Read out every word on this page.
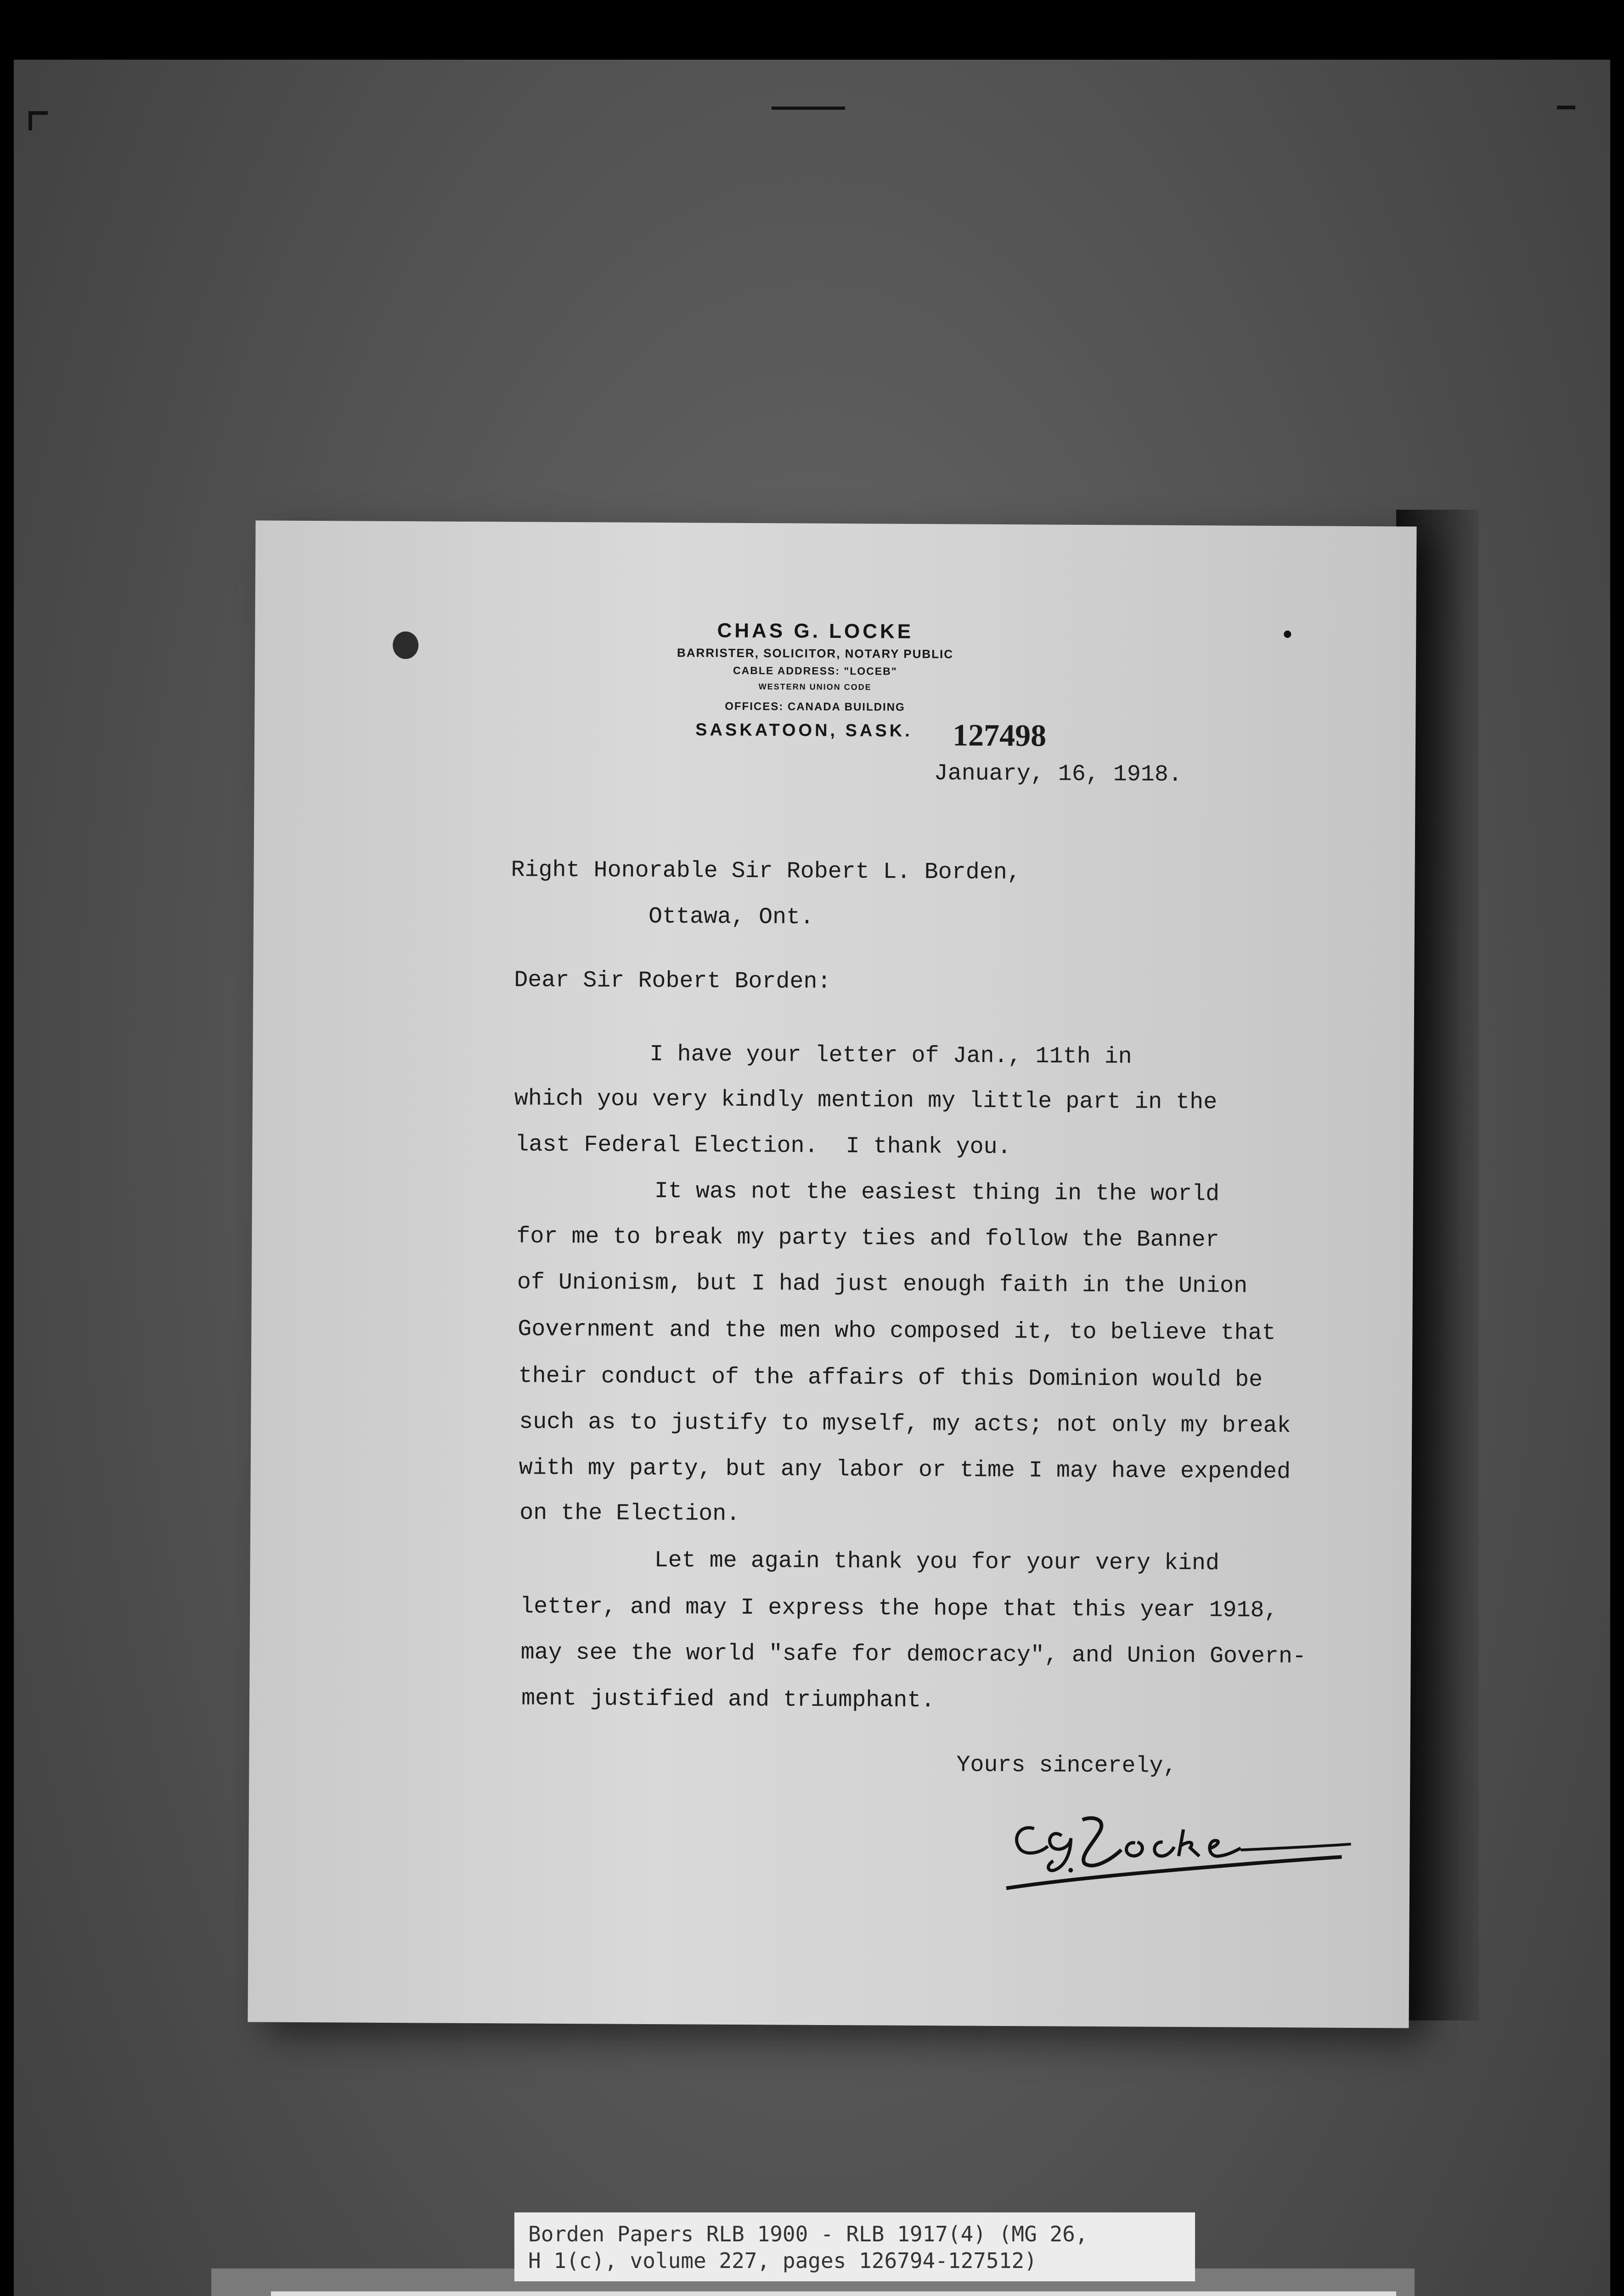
CHAS G. LOCKE
BARRISTER, SOLICITOR, NOTARY PUBLIC
CABLE ADDRESS: "LOCEB"
WESTERN UNION CODE
OFFICES: CANADA BUILDING
SASKATOON, SASK. 127498
January, 16, 1918.
Right Honorable Sir Robert L. Borden,
Ottawa, Ont.
Dear Sir Robert Borden:
I have your letter of Jan., 11th in
which you very kindly mention my little part in the
last Federal Election.  I thank you.
It was not the easiest thing in the world
for me to break my party ties and follow the Banner
of Unionism, but I had just enough faith in the Union
Government and the men who composed it, to believe that
their conduct of the affairs of this Dominion would be
such as to justify to myself, my acts; not only my break
with my party, but any labor or time I may have expended
on the Election.
Let me again thank you for your very kind
letter, and may I express the hope that this year 1918,
may see the world "safe for democracy", and Union Govern-
ment justified and triumphant.
Yours sincerely,
Borden Papers RLB 1900 - RLB 1917(4) (MG 26,
H 1(c), volume 227, pages 126794-127512)
